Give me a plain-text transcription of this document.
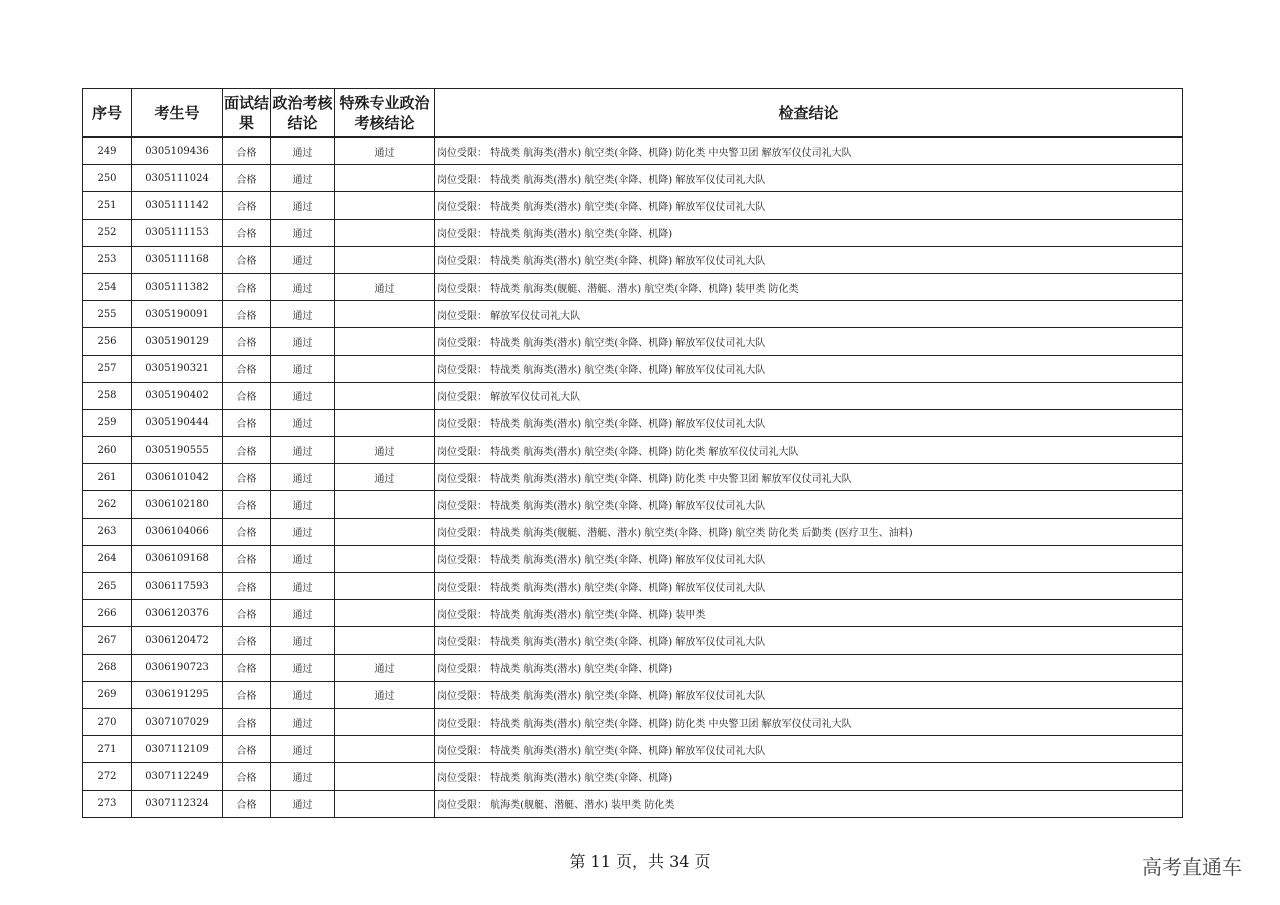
序号	考生号	面试结果	政治考核结论	特殊专业政治考核结论	检查结论
249	0305109436	合格	通过	通过	岗位受限： 特战类 航海类(潜水) 航空类(伞降、机降) 防化类 中央警卫团 解放军仪仗司礼大队
250	0305111024	合格	通过		岗位受限： 特战类 航海类(潜水) 航空类(伞降、机降) 解放军仪仗司礼大队
251	0305111142	合格	通过		岗位受限： 特战类 航海类(潜水) 航空类(伞降、机降) 解放军仪仗司礼大队
252	0305111153	合格	通过		岗位受限： 特战类 航海类(潜水) 航空类(伞降、机降)
253	0305111168	合格	通过		岗位受限： 特战类 航海类(潜水) 航空类(伞降、机降) 解放军仪仗司礼大队
254	0305111382	合格	通过	通过	岗位受限： 特战类 航海类(舰艇、潜艇、潜水) 航空类(伞降、机降) 装甲类 防化类
255	0305190091	合格	通过		岗位受限： 解放军仪仗司礼大队
256	0305190129	合格	通过		岗位受限： 特战类 航海类(潜水) 航空类(伞降、机降) 解放军仪仗司礼大队
257	0305190321	合格	通过		岗位受限： 特战类 航海类(潜水) 航空类(伞降、机降) 解放军仪仗司礼大队
258	0305190402	合格	通过		岗位受限： 解放军仪仗司礼大队
259	0305190444	合格	通过		岗位受限： 特战类 航海类(潜水) 航空类(伞降、机降) 解放军仪仗司礼大队
260	0305190555	合格	通过	通过	岗位受限： 特战类 航海类(潜水) 航空类(伞降、机降) 防化类 解放军仪仗司礼大队
261	0306101042	合格	通过	通过	岗位受限： 特战类 航海类(潜水) 航空类(伞降、机降) 防化类 中央警卫团 解放军仪仗司礼大队
262	0306102180	合格	通过		岗位受限： 特战类 航海类(潜水) 航空类(伞降、机降) 解放军仪仗司礼大队
263	0306104066	合格	通过		岗位受限： 特战类 航海类(舰艇、潜艇、潜水) 航空类(伞降、机降) 航空类 防化类 后勤类 (医疗卫生、油料)
264	0306109168	合格	通过		岗位受限： 特战类 航海类(潜水) 航空类(伞降、机降) 解放军仪仗司礼大队
265	0306117593	合格	通过		岗位受限： 特战类 航海类(潜水) 航空类(伞降、机降) 解放军仪仗司礼大队
266	0306120376	合格	通过		岗位受限： 特战类 航海类(潜水) 航空类(伞降、机降) 装甲类
267	0306120472	合格	通过		岗位受限： 特战类 航海类(潜水) 航空类(伞降、机降) 解放军仪仗司礼大队
268	0306190723	合格	通过	通过	岗位受限： 特战类 航海类(潜水) 航空类(伞降、机降)
269	0306191295	合格	通过	通过	岗位受限： 特战类 航海类(潜水) 航空类(伞降、机降) 解放军仪仗司礼大队
270	0307107029	合格	通过		岗位受限： 特战类 航海类(潜水) 航空类(伞降、机降) 防化类 中央警卫团 解放军仪仗司礼大队
271	0307112109	合格	通过		岗位受限： 特战类 航海类(潜水) 航空类(伞降、机降) 解放军仪仗司礼大队
272	0307112249	合格	通过		岗位受限： 特战类 航海类(潜水) 航空类(伞降、机降)
273	0307112324	合格	通过		岗位受限： 航海类(舰艇、潜艇、潜水) 装甲类 防化类
第 11 页，共 34 页	高考直通车
